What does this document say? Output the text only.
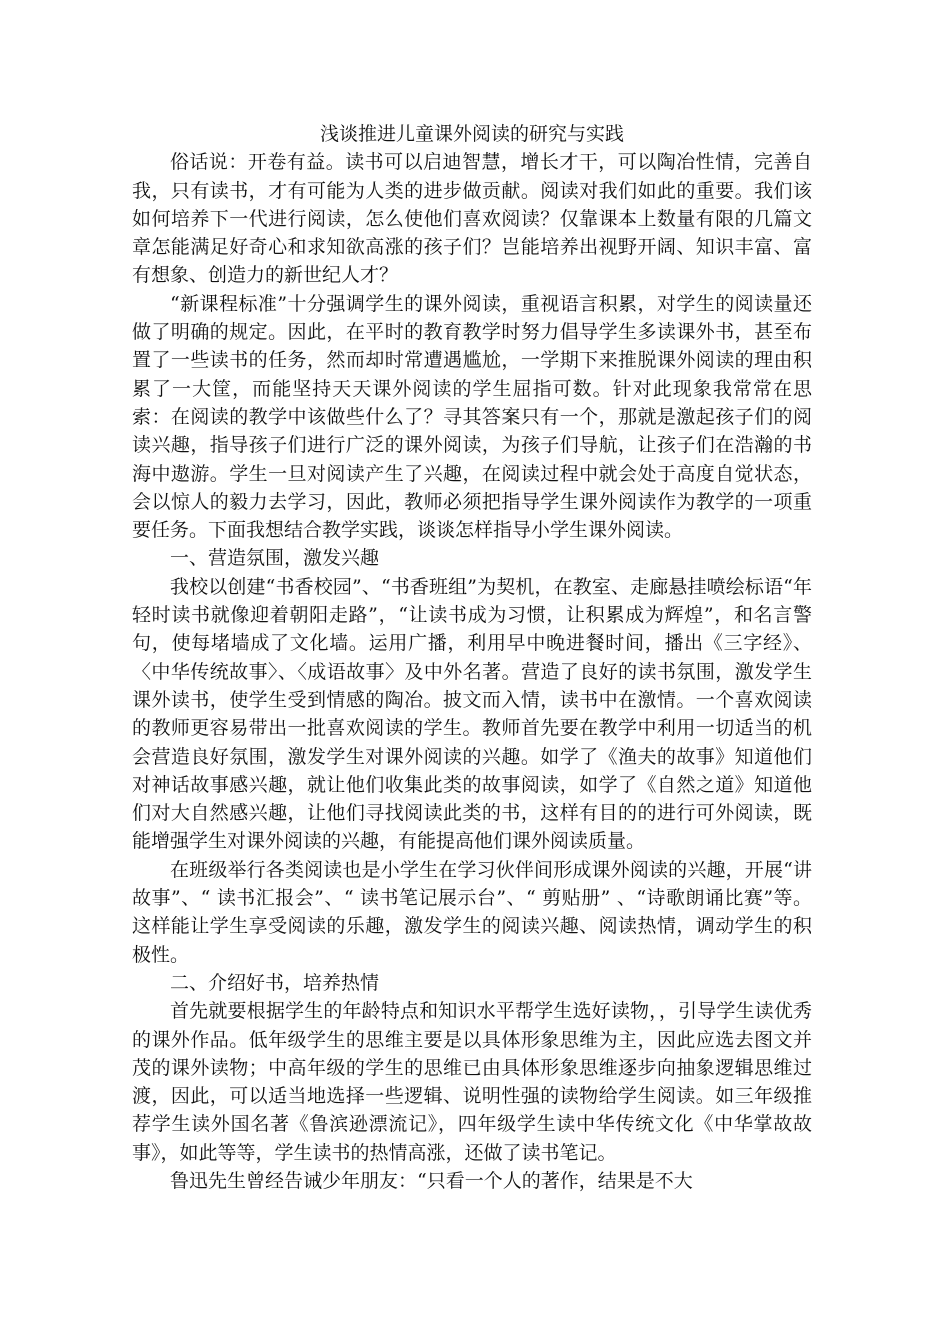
浅谈推进儿童课外阅读的研究与实践

俗话说：开卷有益。读书可以启迪智慧，增长才干，可以陶冶性情，完善自我，只有读书，才有可能为人类的进步做贡献。阅读对我们如此的重要。我们该如何培养下一代进行阅读，怎么使他们喜欢阅读？仅靠课本上数量有限的几篇文章怎能满足好奇心和求知欲高涨的孩子们？岂能培养出视野开阔、知识丰富、富有想象、创造力的新世纪人才？

“新课程标准”十分强调学生的课外阅读，重视语言积累，对学生的阅读量还做了明确的规定。因此，在平时的教育教学时努力倡导学生多读课外书，甚至布置了一些读书的任务，然而却时常遭遇尴尬，一学期下来推脱课外阅读的理由积累了一大筐，而能坚持天天课外阅读的学生屈指可数。针对此现象我常常在思索：在阅读的教学中该做些什么了？寻其答案只有一个，那就是激起孩子们的阅读兴趣，指导孩子们进行广泛的课外阅读，为孩子们导航，让孩子们在浩瀚的书海中遨游。学生一旦对阅读产生了兴趣，在阅读过程中就会处于高度自觉状态，会以惊人的毅力去学习，因此，教师必须把指导学生课外阅读作为教学的一项重要任务。下面我想结合教学实践，谈谈怎样指导小学生课外阅读。

一、营造氛围，激发兴趣

我校以创建“书香校园”、“书香班组”为契机，在教室、走廊悬挂喷绘标语“年轻时读书就像迎着朝阳走路”，“让读书成为习惯，让积累成为辉煌”，和名言警句，使每堵墙成了文化墙。运用广播，利用早中晚进餐时间，播出《三字经》、〈中华传统故事〉、〈成语故事〉及中外名著。营造了良好的读书氛围，激发学生课外读书，使学生受到情感的陶冶。披文而入情，读书中在激情。一个喜欢阅读的教师更容易带出一批喜欢阅读的学生。教师首先要在教学中利用一切适当的机会营造良好氛围，激发学生对课外阅读的兴趣。如学了《渔夫的故事》知道他们对神话故事感兴趣，就让他们收集此类的故事阅读，如学了《自然之道》知道他们对大自然感兴趣，让他们寻找阅读此类的书，这样有目的的进行可外阅读，既能增强学生对课外阅读的兴趣，有能提高他们课外阅读质量。

在班级举行各类阅读也是小学生在学习伙伴间形成课外阅读的兴趣，开展“讲故事”、“ 读书汇报会”、“ 读书笔记展示台”、“ 剪贴册” 、“诗歌朗诵比赛”等。这样能让学生享受阅读的乐趣，激发学生的阅读兴趣、阅读热情，调动学生的积极性。

二、介绍好书，培养热情

首先就要根据学生的年龄特点和知识水平帮学生选好读物，，引导学生读优秀的课外作品。低年级学生的思维主要是以具体形象思维为主，因此应选去图文并茂的课外读物；中高年级的学生的思维已由具体形象思维逐步向抽象逻辑思维过渡，因此，可以适当地选择一些逻辑、说明性强的读物给学生阅读。如三年级推荐学生读外国名著《鲁滨逊漂流记》，四年级学生读中华传统文化《中华掌故故事》，如此等等，学生读书的热情高涨，还做了读书笔记。

鲁迅先生曾经告诫少年朋友：“只看一个人的著作，结果是不大
